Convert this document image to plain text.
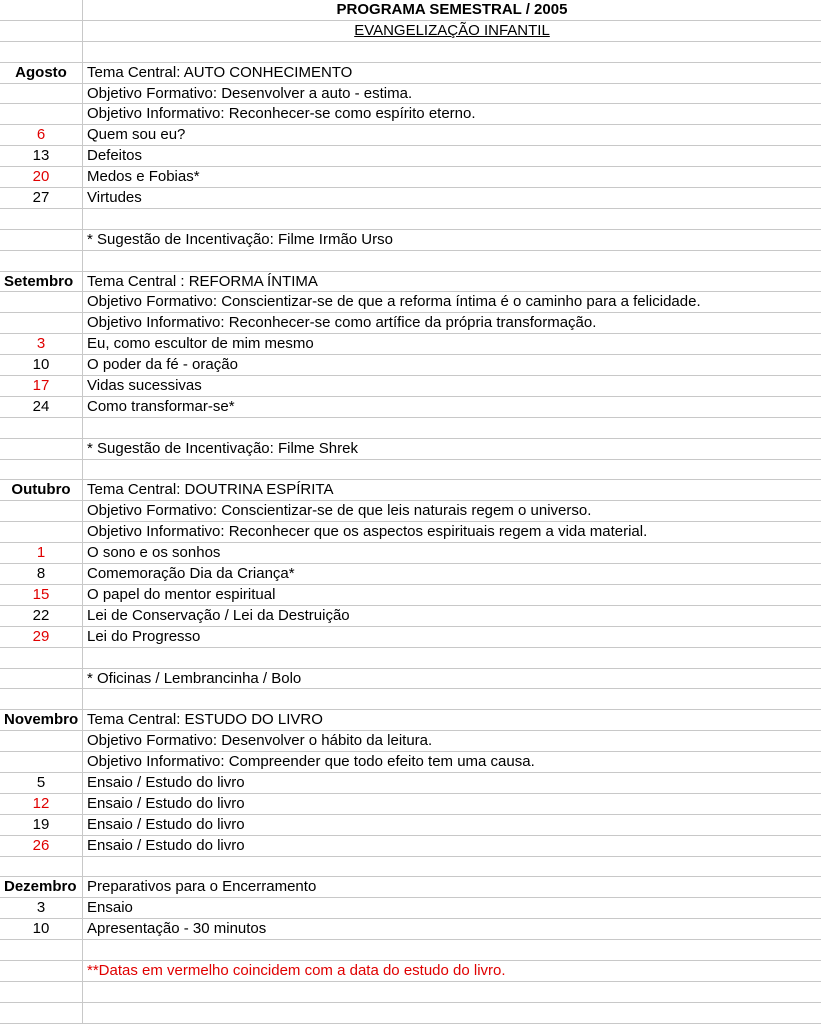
PROGRAMA SEMESTRAL / 2005
EVANGELIZAÇÃO INFANTIL
Agosto	Tema Central: AUTO CONHECIMENTO
Objetivo Formativo: Desenvolver a auto - estima.
Objetivo Informativo: Reconhecer-se como espírito eterno.
6	Quem sou eu?
13	Defeitos
20	Medos e Fobias*
27	Virtudes
* Sugestão de Incentivação: Filme Irmão Urso
Setembro Tema Central : REFORMA ÍNTIMA
Objetivo Formativo: Conscientizar-se de que a reforma íntima é o caminho para a felicidade.
Objetivo Informativo: Reconhecer-se como artífice da própria transformação.
3	Eu, como escultor de mim mesmo
10	O poder da fé - oração
17	Vidas sucessivas
24	Como transformar-se*
* Sugestão de Incentivação: Filme Shrek
Outubro	Tema Central: DOUTRINA ESPÍRITA
Objetivo Formativo: Conscientizar-se de que leis naturais regem o universo.
Objetivo Informativo: Reconhecer que os aspectos espirituais regem a vida material.
1	O sono e os sonhos
8	Comemoração Dia da Criança*
15	O papel do mentor espiritual
22	Lei de Conservação / Lei da Destruição
29	Lei do Progresso
* Oficinas / Lembrancinha / Bolo
Novembro Tema Central: ESTUDO DO LIVRO
Objetivo Formativo: Desenvolver o hábito da leitura.
Objetivo Informativo: Compreender que todo efeito tem uma causa.
5	Ensaio / Estudo do livro
12	Ensaio / Estudo do livro
19	Ensaio / Estudo do livro
26	Ensaio / Estudo do livro
Dezembro Preparativos para o Encerramento
3	Ensaio
10	Apresentação - 30 minutos
**Datas em vermelho coincidem com a data do estudo do livro.
